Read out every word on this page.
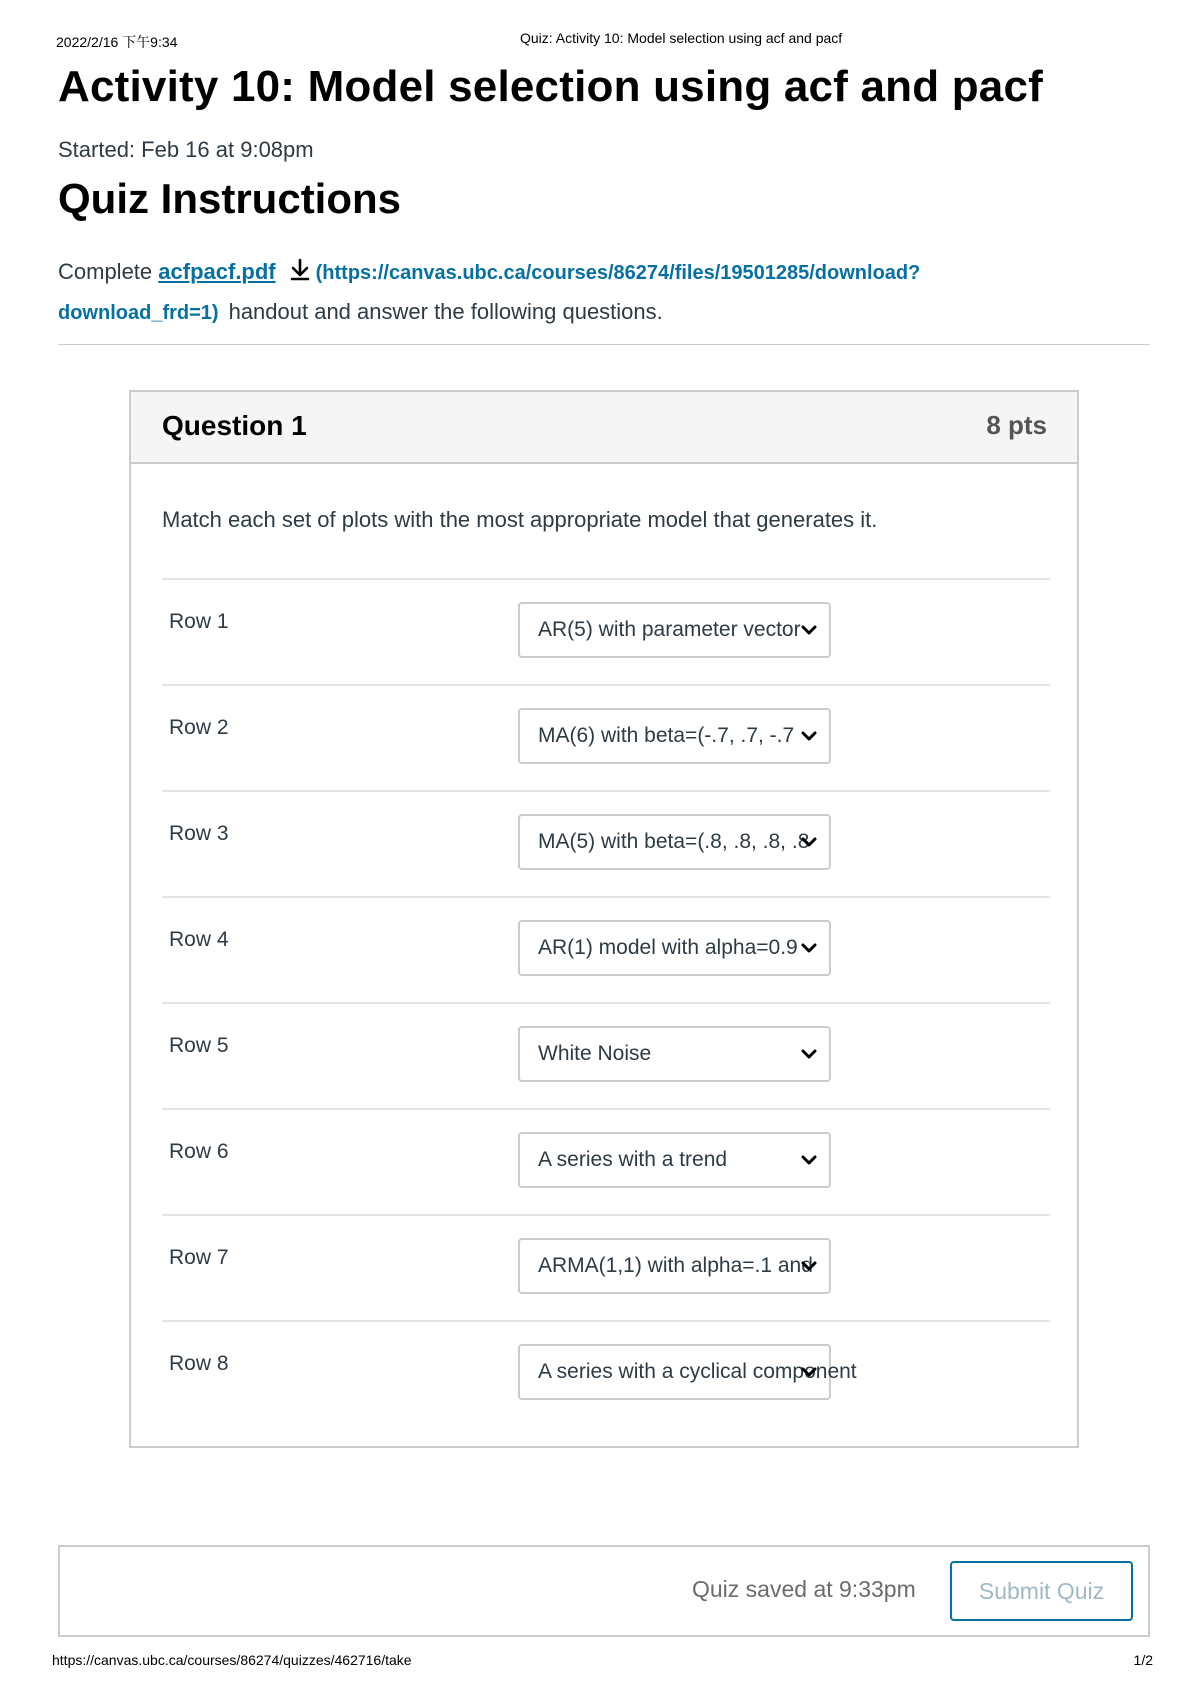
2022/2/16 下午9:34	Quiz: Activity 10: Model selection using acf and pacf
Activity 10: Model selection using acf and pacf
Started: Feb 16 at 9:08pm
Quiz Instructions
Complete acfpacf.pdf (https://canvas.ubc.ca/courses/86274/files/19501285/download?
download_frd=1) handout and answer the following questions.
Question 1	8 pts
Match each set of plots with the most appropriate model that generates it.
Row 1	AR(5) with parameter vector
Row 2	MA(6) with beta=(-.7, .7, -.7
Row 3	MA(5) with beta=(.8, .8, .8, .8
Row 4	AR(1) model with alpha=0.9
Row 5	White Noise
Row 6	A series with a trend
Row 7	ARMA(1,1) with alpha=.1 and
Row 8	A series with a cyclical component
Quiz saved at 9:33pm	Submit Quiz
https://canvas.ubc.ca/courses/86274/quizzes/462716/take	1/2
